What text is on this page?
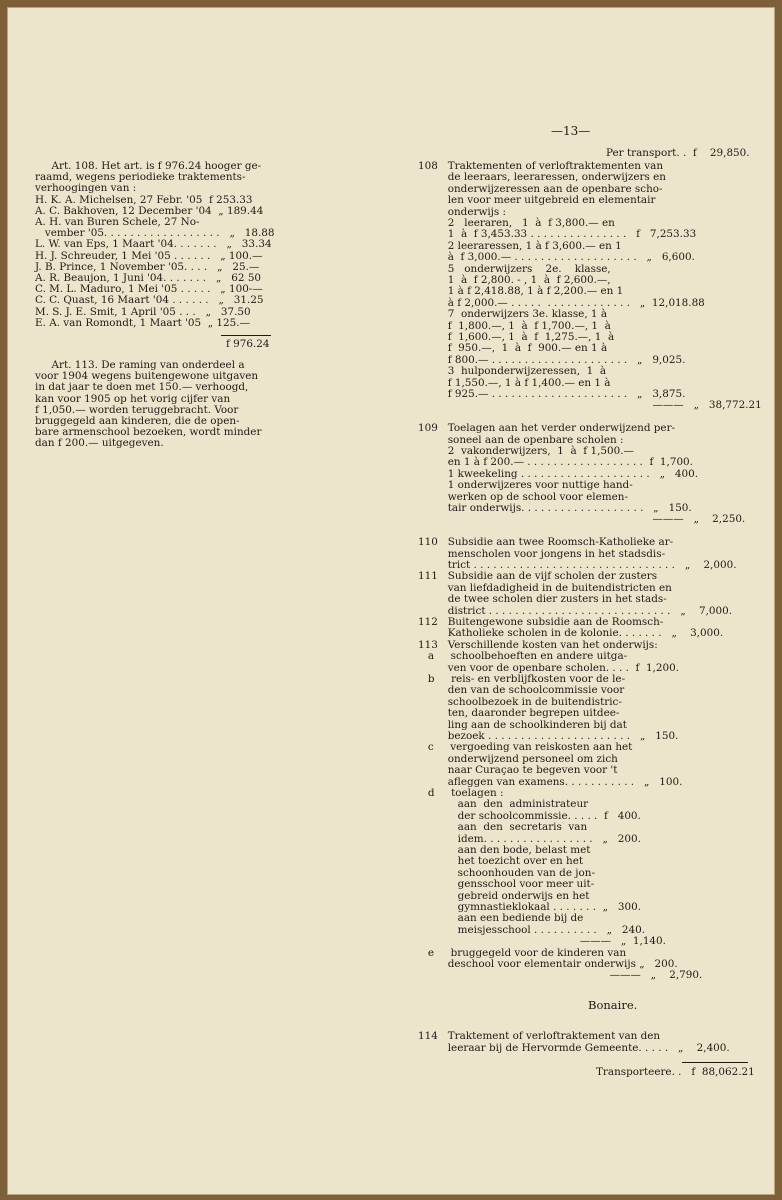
—13—
f 976.24
Per transport. .  f    29,850.
Bonaire.
Transporteere. .   f  88,062.21
Art. 108. Het art. is f 976.24 hooger ge-
raamd, wegens periodieke traktements-
verhoogingen van :
H. K. A. Michelsen, 27 Febr. '05  f 253.33
A. C. Bakhoven, 12 December '04  „ 189.44
A. H. van Buren Schele, 27 No-
vember '05. . . . . . . . . . . . . . . . . .   „   18.88
L. W. van Eps, 1 Maart '04. . . . . . .   „   33.34
H. J. Schreuder, 1 Mei '05 . . . . . .   „ 100.—
J. B. Prince, 1 November '05. . . .   „   25.—
A. R. Beaujon, 1 Juni '04. . . . . . .   „   62 50
C. M. L. Maduro, 1 Mei '05 . . . . .   „ 100-—
C. C. Quast, 16 Maart '04 . . . . . .   „   31.25
M. S. J. E. Smit, 1 April '05 . . .   „   37.50
E. A. van Romondt, 1 Maart '05  „ 125.—
Art. 113. De raming van onderdeel a
voor 1904 wegens buitengewone uitgaven
in dat jaar te doen met 150.— verhoogd,
kan voor 1905 op het vorig cijfer van
f 1,050.— worden teruggebracht. Voor
bruggegeld aan kinderen, die de open-
bare armenschool bezoeken, wordt minder
dan f 200.— uitgegeven.
108   Traktementen of verloftraktementen van
de leeraars, leeraressen, onderwijzers en
onderwijzeressen aan de openbare scho-
len voor meer uitgebreid en elementair
onderwijs :
2   leeraren,   1  à  f 3,800.— en
1  à  f 3,453.33 . . . . . . . . . . . . . . .   f   7,253.33
2 leeraressen, 1 à f 3,600.— en 1
à  f 3,000.— . . . . . . . . . . . . . . . . . . .   „   6,600.
5   onderwijzers    2e.    klasse,
1  à  f 2,800. - , 1  à  f 2,600.—,
1 à f 2,418.88, 1 à f 2,200.— en 1
à f 2,000.— . . . . .  . . . . . . . . . . . . .   „  12,018.88
7  onderwijzers 3e. klasse, 1 à
f  1,800.—, 1  à  f 1,700.—, 1  à
f  1,600.—, 1  à  f  1,275.—, 1  à
f  950.—,  1  à  f  900.— en 1 à
f 800.— . . . . . . . . . . . . . . . . . . . . .   „   9,025.
3  hulponderwijzeressen,  1  à
f 1,550.—, 1 à f 1,400.— en 1 à
f 925.— . . . . . . . . . . . . . . . . . . . . .   „   3,875.
———   „   38,772.21
109   Toelagen aan het verder onderwijzend per-
soneel aan de openbare scholen :
2  vakonderwijzers,  1  à  f 1,500.—
en 1 à f 200.— . . . . . . . . . . . . . . . . . .  f  1,700.
1 kweekeling . . . . . . . . . . . . . . . . . . . .   „   400.
1 onderwijzeres voor nuttige hand-
werken op de school voor elemen-
tair onderwijs. . . . . . . . . . . . . . . . . . .   „   150.
———   „    2,250.
110   Subsidie aan twee Roomsch-Katholieke ar-
menscholen voor jongens in het stadsdis-
trict . . . . . . . . . . . . . . . . . . . . . . . . . . . . . . .   „    2,000.
111   Subsidie aan de vijf scholen der zusters
van liefdadigheid in de buitendistricten en
de twee scholen dier zusters in het stads-
district . . . . . . . . . . . . . . . . . . . . . . . . . . . .   „    7,000.
112   Buitengewone subsidie aan de Roomsch-
Katholieke scholen in de kolonie. . . . . . .   „    3,000.
113   Verschillende kosten van het onderwijs:
a     schoolbehoeften en andere uitga-
ven voor de openbare scholen. . . .  f  1,200.
b     reis- en verblijfkosten voor de le-
den van de schoolcommissie voor
schoolbezoek in de buitendistric-
ten, daaronder begrepen uitdee-
ling aan de schoolkinderen bij dat
bezoek . . . . . . . . . . . . . . . . . . . . . .   „   150.
c     vergoeding van reiskosten aan het
onderwijzend personeel om zich
naar Curaçao te begeven voor 't
afleggen van examens. . . . . . . . . . .   „   100.
d     toelagen :
aan  den  administrateur
der schoolcommissie. . . . .  f   400.
aan  den  secretaris  van
idem. . . . . . . . . . . . . . . . .   „   200.
aan den bode, belast met
het toezicht over en het
schoonhouden van de jon-
gensschool voor meer uit-
gebreid onderwijs en het
gymnastieklokaal . . . . . . .  „   300.
aan een bediende bij de
meisjesschool . . . . . . . . . .   „   240.
———   „  1,140.
e     bruggegeld voor de kinderen van
deschool voor elementair onderwijs „   200.
———   „    2,790.
114   Traktement of verloftraktement van den
leeraar bij de Hervormde Gemeente. . . . .   „    2,400.
